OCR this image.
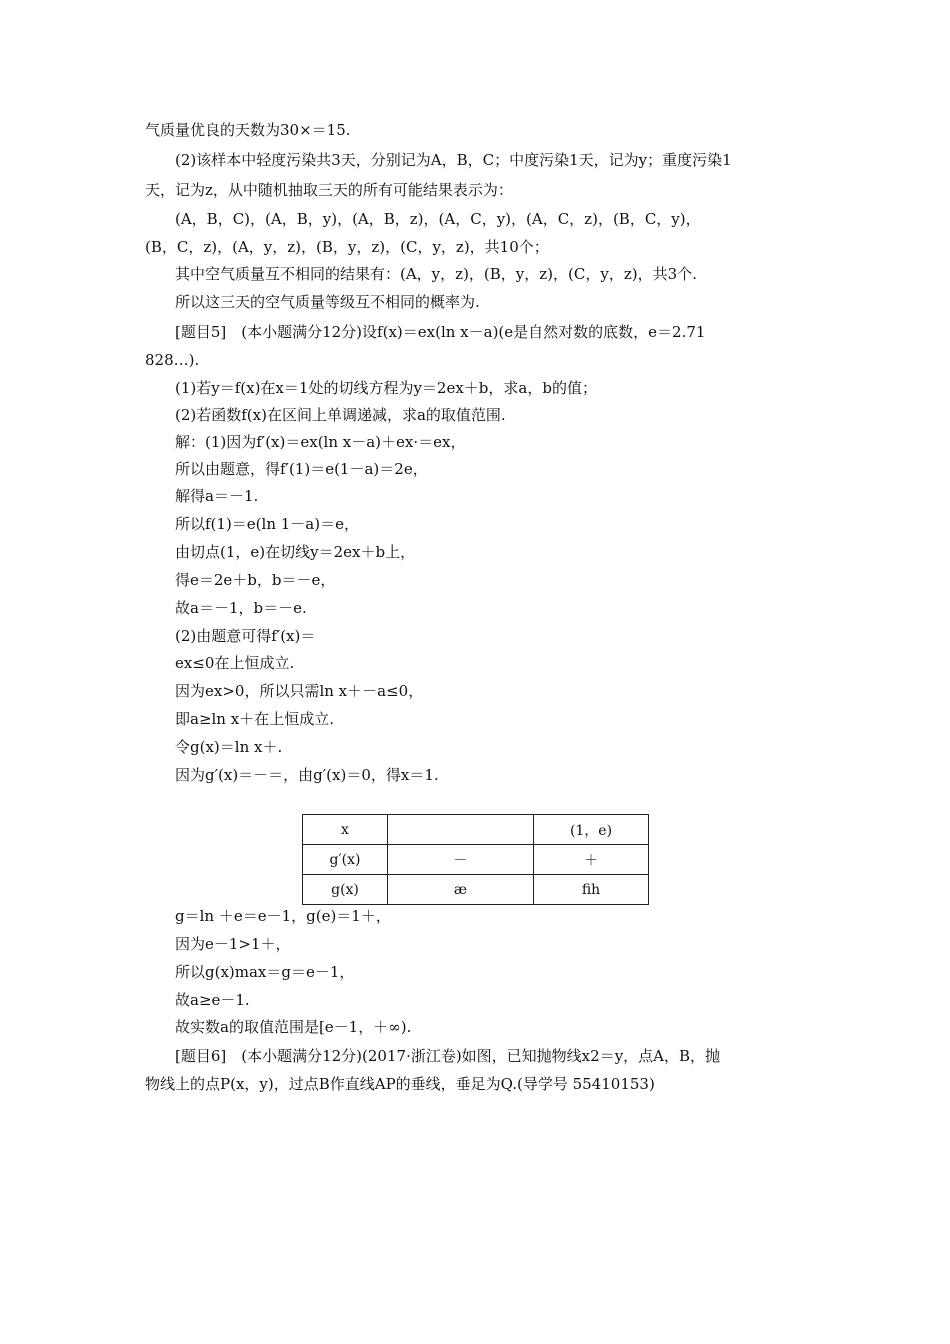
气质量优良的天数为30×＝15.
(2)该样本中轻度污染共3天，分别记为A，B，C；中度污染1天，记为y；重度污染1
天，记为z，从中随机抽取三天的所有可能结果表示为：
(A，B，C)，(A，B，y)，(A，B，z)，(A，C，y)，(A，C，z)，(B，C，y)，
(B，C，z)，(A，y，z)，(B，y，z)，(C，y，z)，共10个；
其中空气质量互不相同的结果有：(A，y，z)，(B，y，z)，(C，y，z)，共3个.
所以这三天的空气质量等级互不相同的概率为.
[题目5]　(本小题满分12分)设f(x)＝ex(ln x－a)(e是自然对数的底数，e＝2.71
828…).
(1)若y＝f(x)在x＝1处的切线方程为y＝2ex＋b，求a，b的值；
(2)若函数f(x)在区间上单调递减，求a的取值范围.
解：(1)因为f′(x)＝ex(ln x－a)＋ex·＝ex，
所以由题意，得f′(1)＝e(1－a)＝2e，
解得a＝－1.
所以f(1)＝e(ln 1－a)＝e，
由切点(1，e)在切线y＝2ex＋b上，
得e＝2e＋b，b＝－e，
故a＝－1，b＝－e.
(2)由题意可得f′(x)＝
ex≤0在上恒成立.
因为ex>0，所以只需ln x＋－a≤0，
即a≥ln x＋在上恒成立.
令g(x)＝ln x＋.
因为g′(x)＝－＝，由g′(x)＝0，得x＝1.
x		(1，e)
g′(x)	－	＋
g(x)	æ	ﬁh
g＝ln ＋e＝e－1，g(e)＝1＋，
因为e－1>1＋，
所以g(x)max＝g＝e－1，
故a≥e－1.
故实数a的取值范围是[e－1，＋∞).
[题目6]　(本小题满分12分)(2017·浙江卷)如图，已知抛物线x2＝y，点A，B，抛
物线上的点P(x，y)，过点B作直线AP的垂线，垂足为Q.(导学号 55410153)
